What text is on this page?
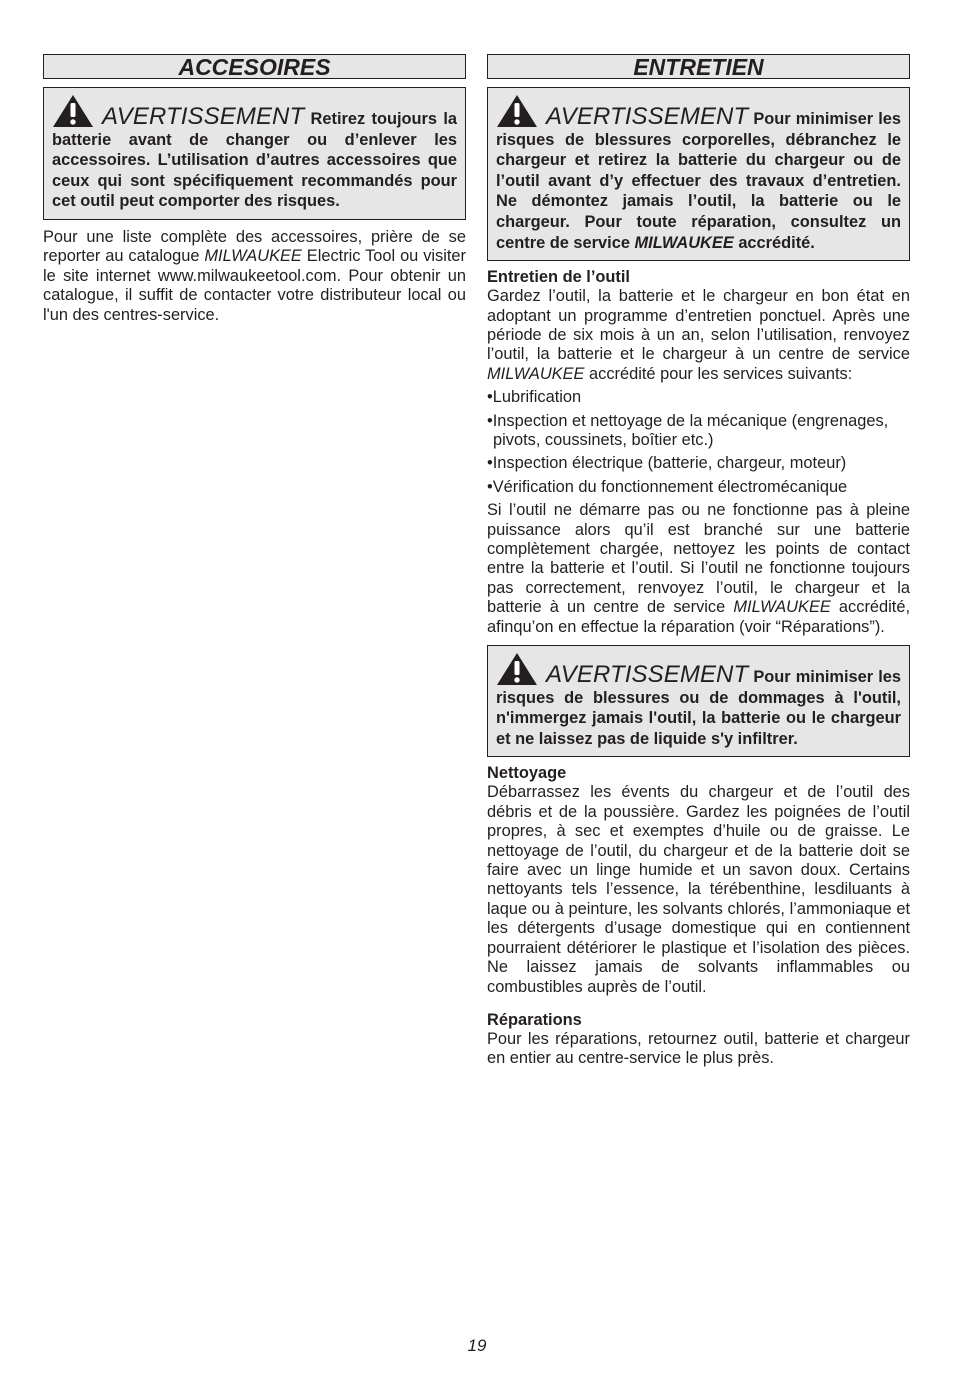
ACCESOIRES
AVERTISSEMENT Retirez toujours la batterie avant de changer ou d’enlever les accessoires. L’utilisation d’autres accessoires que ceux qui sont spécifiquement recommandés pour cet outil peut comporter des risques.
Pour une liste complète des accessoires, prière de se reporter au catalogue MILWAUKEE Electric Tool ou visiter le site internet www.milwaukeetool.com. Pour obtenir un catalogue, il suffit de contacter votre distributeur local ou l'un des centres-service.
ENTRETIEN
AVERTISSEMENT Pour minimiser les risques de blessures corporelles, débranchez le chargeur et retirez la batterie du chargeur ou de l’outil avant d’y effectuer des travaux d’entretien. Ne démontez jamais l’outil, la batterie ou le chargeur. Pour toute réparation, consultez un centre de service MILWAUKEE accrédité.
Entretien de l’outil
Gardez l’outil, la batterie et le chargeur en bon état en adoptant un programme d’entretien ponctuel. Après une période de six mois à un an, selon l’utilisation, renvoyez l’outil, la batterie et le chargeur à un centre de service MILWAUKEE accrédité pour les services suivants:
•Lubrification
•Inspection et nettoyage de la mécanique (engrenages, pivots, coussinets, boîtier etc.)
•Inspection électrique (batterie, chargeur, moteur)
•Vérification du fonctionnement électromécanique
Si l’outil ne démarre pas ou ne fonctionne pas à pleine puissance alors qu’il est branché sur une batterie complètement chargée, nettoyez les points de contact entre la batterie et l’outil. Si l’outil ne fonctionne toujours pas correctement, renvoyez l’outil, le chargeur et la batterie à un centre de service MILWAUKEE accrédité, afinqu’on en effectue la réparation (voir “Réparations”).
AVERTISSEMENT Pour minimiser les risques de blessures ou de dommages à l'outil, n'immergez jamais l'outil, la batterie ou le chargeur et ne laissez pas de liquide s'y infiltrer.
Nettoyage
Débarrassez les évents du chargeur et de l’outil des débris et de la poussière. Gardez les poignées de l’outil propres, à sec et exemptes d’huile ou de graisse. Le nettoyage de l’outil, du chargeur et de la batterie doit se faire avec un linge humide et un savon doux. Certains nettoyants tels l’essence, la térébenthine, lesdiluants à laque ou à peinture, les solvants chlorés, l’ammoniaque et les détergents d’usage domestique qui en contiennent pourraient détériorer le plastique et l’isolation des pièces. Ne laissez jamais de solvants inflammables ou combustibles auprès de l’outil.
Réparations
Pour les réparations, retournez outil, batterie et chargeur en entier au centre-service le plus près.
19
